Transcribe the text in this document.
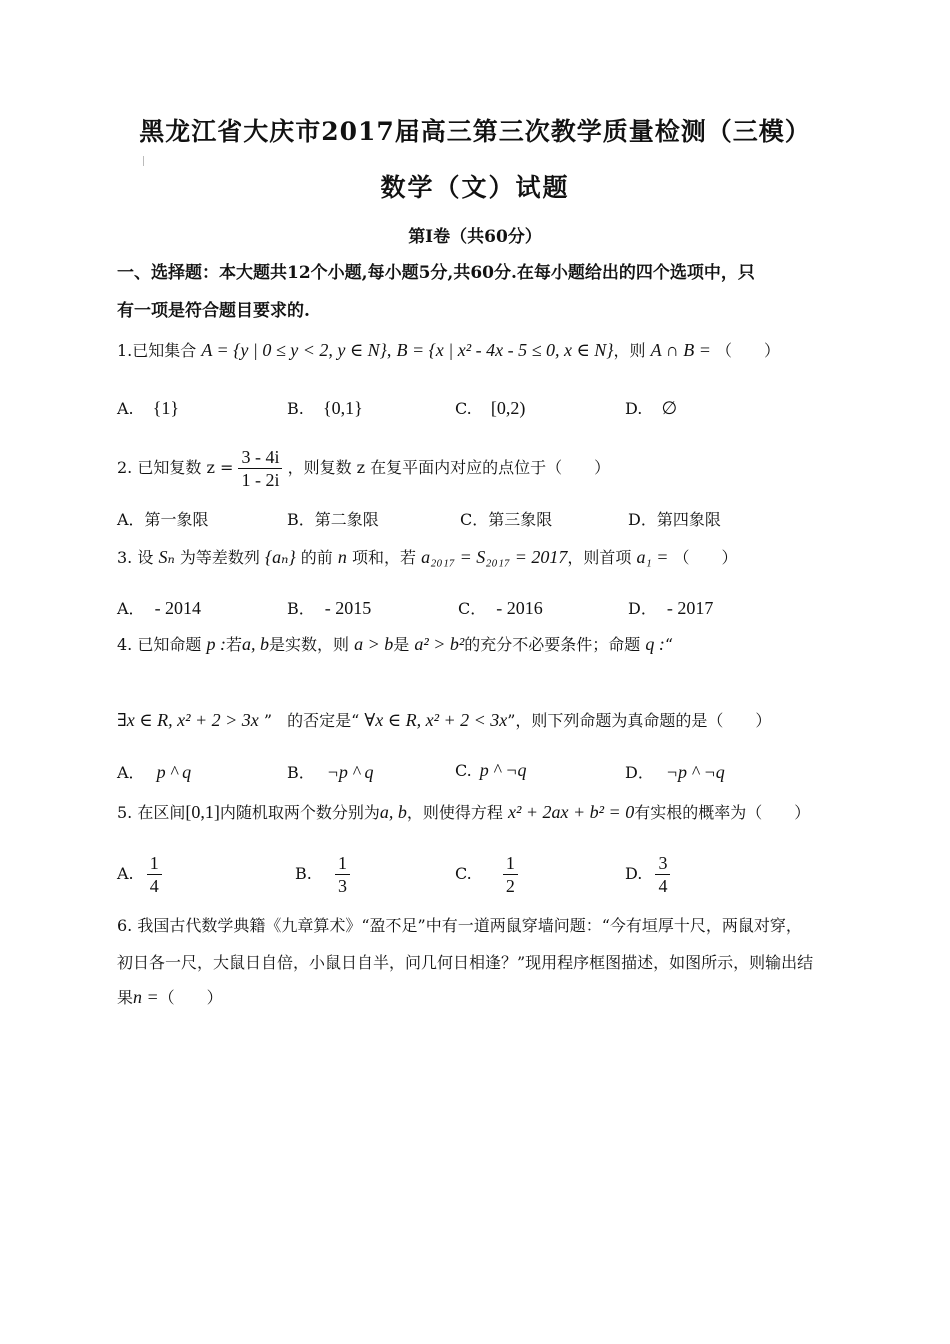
黑龙江省大庆市2017届高三第三次教学质量检测（三模）
数学（文）试题
第Ⅰ卷（共60分）
一、选择题：本大题共12个小题,每小题5分,共60分.在每小题给出的四个选项中，只
有一项是符合题目要求的.
1.已知集合 A = {y | 0 ≤ y < 2, y ∈ N}, B = {x | x² - 4x - 5 ≤ 0, x ∈ N}，则 A ∩ B = （　　）
A. {1}	B. {0,1}	C. [0,2)	D. ∅
2. 已知复数 $z = \frac{3 - 4i}{1 - 2i}$ ，则复数 z 在复平面内对应的点位于（　　）
A．第一象限	B．第二象限	C．第三象限	D．第四象限
3. 设 Sₙ 为等差数列 {aₙ} 的前 n 项和，若 a₂₀₁₇ = S₂₀₁₇ = 2017，则首项 a₁ = （　　）
A． - 2014	B． - 2015	C． - 2016	D． - 2017
4. 已知命题 p :若a, b是实数，则 a > b是 a² > b²的充分不必要条件；命题 q :“
∃x ∈ R, x² + 2 > 3x ” 的否定是“ ∀x ∈ R, x² + 2 < 3x”，则下列命题为真命题的是（　　）
A． p ^ q	B． ¬p ^ q	C. p ^ ¬q	D． ¬p ^ ¬q
5. 在区间[0,1]内随机取两个数分别为a, b，则使得方程 x² + 2ax + b² = 0有实根的概率为（　　）
A. $\frac{1}{4}$	B. $\frac{1}{3}$	C. $\frac{1}{2}$	D. $\frac{3}{4}$
6. 我国古代数学典籍《九章算术》“盈不足”中有一道两鼠穿墙问题：“今有垣厚十尺，两鼠对穿，
初日各一尺，大鼠日自倍，小鼠日自半，问几何日相逢？”现用程序框图描述，如图所示，则输出结
果n =（　　）
